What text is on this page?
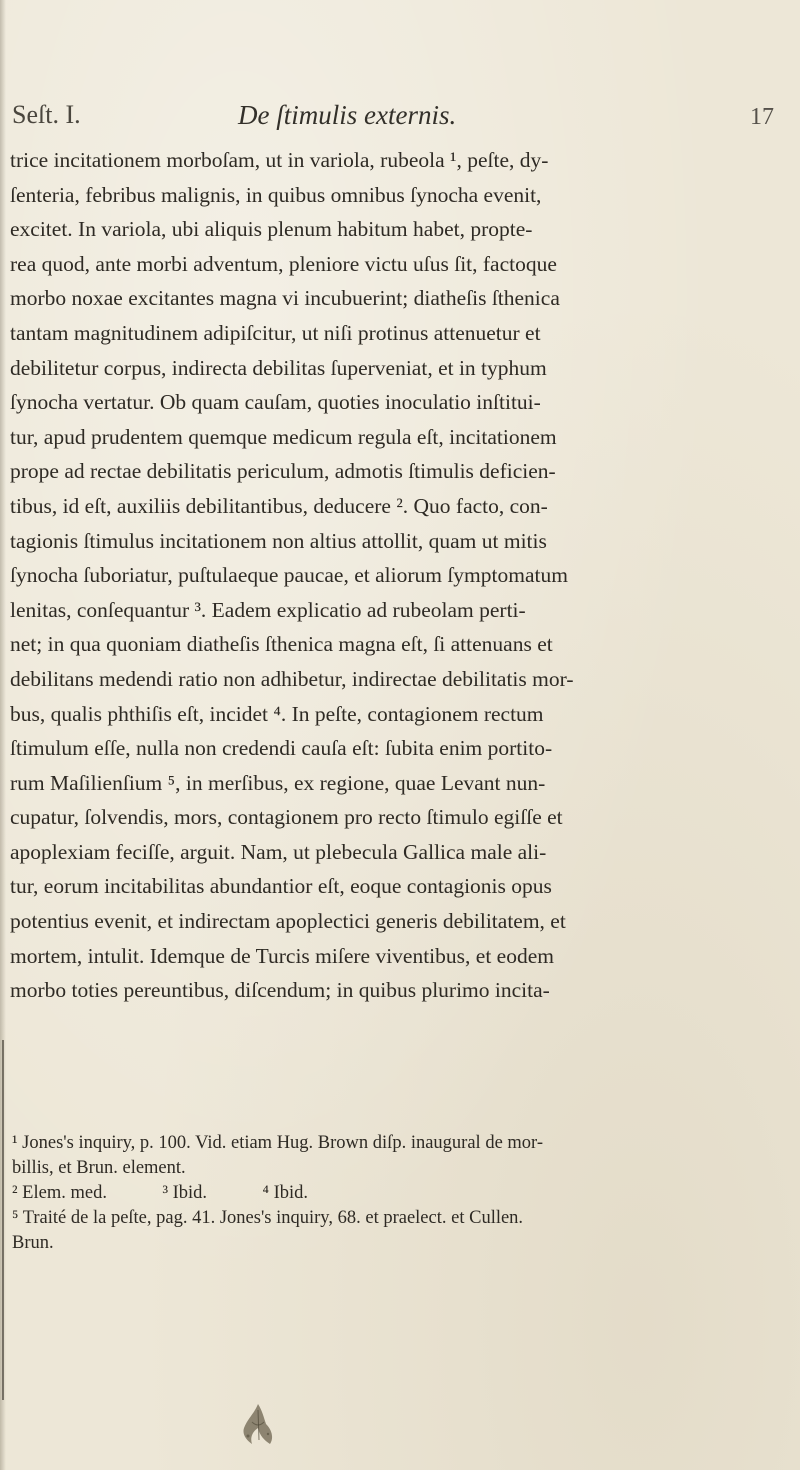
Seſt. I.	De ſtimulis externis.	17
trice incitationem morboſam, ut in variola, rubeola ¹, peſte, dy-
ſenteria, febribus malignis, in quibus omnibus ſynocha evenit,
excitet. In variola, ubi aliquis plenum habitum habet, propte-
rea quod, ante morbi adventum, pleniore victu uſus ſit, factoque
morbo noxae excitantes magna vi incubuerint; diatheſis ſthenica
tantam magnitudinem adipiſcitur, ut niſi protinus attenuetur et
debilitetur corpus, indirecta debilitas ſuperveniat, et in typhum
ſynocha vertatur. Ob quam cauſam, quoties inoculatio inſtitui-
tur, apud prudentem quemque medicum regula eſt, incitationem
prope ad rectae debilitatis periculum, admotis ſtimulis deficien-
tibus, id eſt, auxiliis debilitantibus, deducere ². Quo facto, con-
tagionis ſtimulus incitationem non altius attollit, quam ut mitis
ſynocha ſuboriatur, puſtulaeque paucae, et aliorum ſymptomatum
lenitas, conſequantur ³. Eadem explicatio ad rubeolam perti-
net; in qua quoniam diatheſis ſthenica magna eſt, ſi attenuans et
debilitans medendi ratio non adhibetur, indirectae debilitatis mor-
bus, qualis phthiſis eſt, incidet ⁴. In peſte, contagionem rectum
ſtimulum eſſe, nulla non credendi cauſa eſt: ſubita enim portito-
rum Maſilienſium ⁵, in merſibus, ex regione, quae Levant nun-
cupatur, ſolvendis, mors, contagionem pro recto ſtimulo egiſſe et
apoplexiam feciſſe, arguit. Nam, ut plebecula Gallica male ali-
tur, eorum incitabilitas abundantior eſt, eoque contagionis opus
potentius evenit, et indirectam apoplectici generis debilitatem, et
mortem, intulit. Idemque de Turcis miſere viventibus, et eodem
morbo toties pereuntibus, diſcendum; in quibus plurimo incita-
¹ Jones's inquiry, p. 100. Vid. etiam Hug. Brown diſp. inaugural de mor-
billis, et Brun. element.
² Elem. med.            ³ Ibid.            ⁴ Ibid.
⁵ Traité de la peſte, pag. 41. Jones's inquiry, 68. et praelect. et Cullen.
Brun.
